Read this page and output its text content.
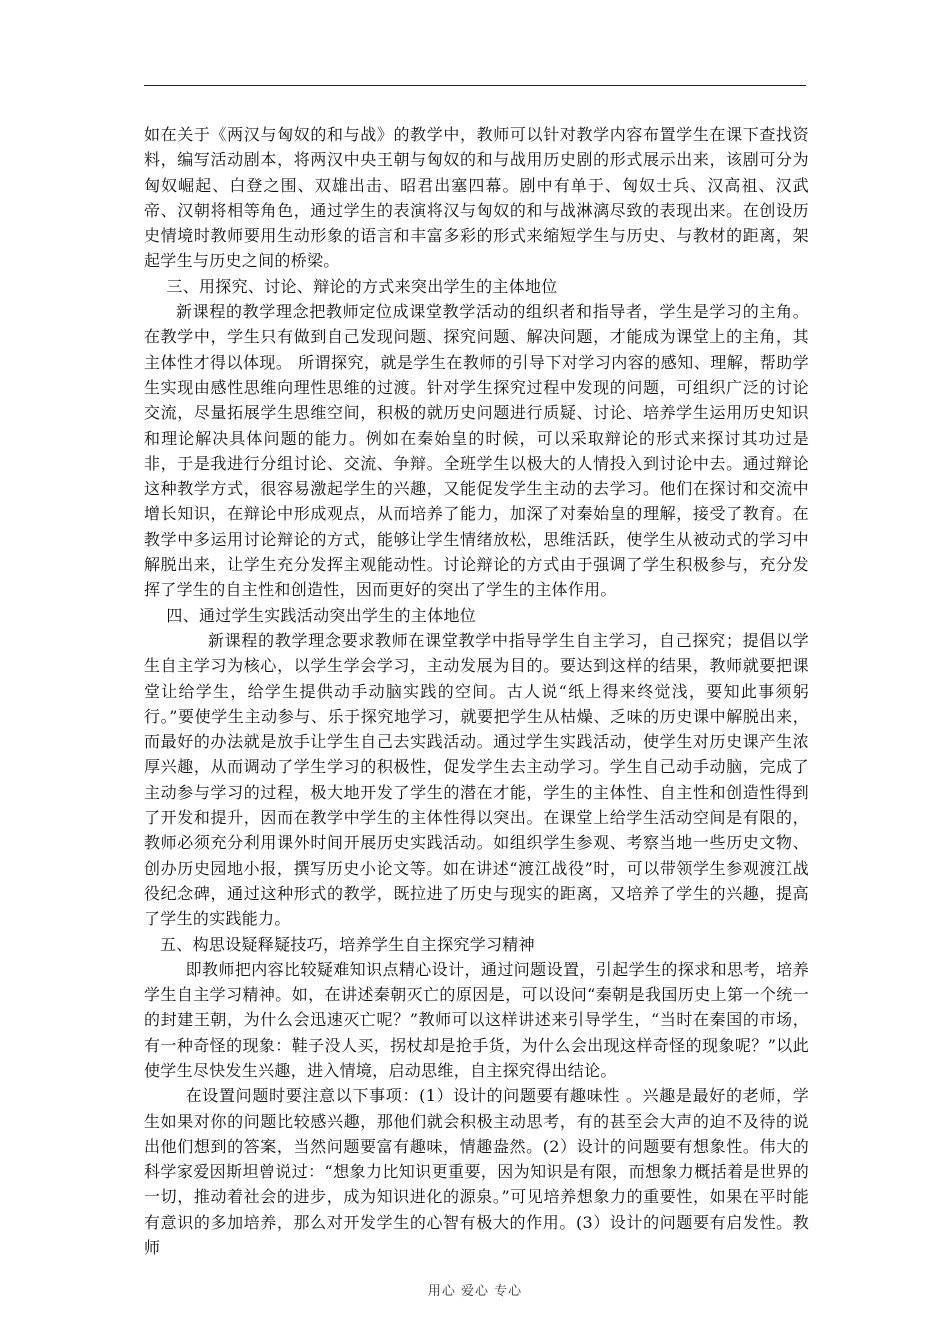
如在关于《两汉与匈奴的和与战》的教学中，教师可以针对教学内容布置学生在课下查找资料，编写活动剧本，将两汉中央王朝与匈奴的和与战用历史剧的形式展示出来，该剧可分为匈奴崛起、白登之围、双雄出击、昭君出塞四幕。剧中有单于、匈奴士兵、汉高祖、汉武帝、汉朝将相等角色，通过学生的表演将汉与匈奴的和与战淋漓尽致的表现出来。在创设历史情境时教师要用生动形象的语言和丰富多彩的形式来缩短学生与历史、与教材的距离，架起学生与历史之间的桥梁。

三、用探究、讨论、辩论的方式来突出学生的主体地位

新课程的教学理念把教师定位成课堂教学活动的组织者和指导者，学生是学习的主角。在教学中，学生只有做到自己发现问题、探究问题、解决问题，才能成为课堂上的主角，其主体性才得以体现。 所谓探究，就是学生在教师的引导下对学习内容的感知、理解，帮助学生实现由感性思维向理性思维的过渡。针对学生探究过程中发现的问题，可组织广泛的讨论交流，尽量拓展学生思维空间，积极的就历史问题进行质疑、讨论、培养学生运用历史知识和理论解决具体问题的能力。例如在秦始皇的时候，可以采取辩论的形式来探讨其功过是非，于是我进行分组讨论、交流、争辩。全班学生以极大的人情投入到讨论中去。通过辩论这种教学方式，很容易激起学生的兴趣，又能促发学生主动的去学习。他们在探讨和交流中增长知识，在辩论中形成观点，从而培养了能力，加深了对秦始皇的理解，接受了教育。在教学中多运用讨论辩论的方式，能够让学生情绪放松，思维活跃，使学生从被动式的学习中解脱出来，让学生充分发挥主观能动性。讨论辩论的方式由于强调了学生积极参与，充分发挥了学生的自主性和创造性，因而更好的突出了学生的主体作用。

四、通过学生实践活动突出学生的主体地位

新课程的教学理念要求教师在课堂教学中指导学生自主学习，自己探究；提倡以学生自主学习为核心，以学生学会学习，主动发展为目的。要达到这样的结果，教师就要把课堂让给学生，给学生提供动手动脑实践的空间。古人说“纸上得来终觉浅，要知此事须躬行。”要使学生主动参与、乐于探究地学习，就要把学生从枯燥、乏味的历史课中解脱出来，而最好的办法就是放手让学生自己去实践活动。通过学生实践活动，使学生对历史课产生浓厚兴趣，从而调动了学生学习的积极性，促发学生去主动学习。学生自己动手动脑，完成了主动参与学习的过程，极大地开发了学生的潜在才能，学生的主体性、自主性和创造性得到了开发和提升，因而在教学中学生的主体性得以突出。在课堂上给学生活动空间是有限的，教师必须充分利用课外时间开展历史实践活动。如组织学生参观、考察当地一些历史文物、创办历史园地小报，撰写历史小论文等。如在讲述“渡江战役”时，可以带领学生参观渡江战役纪念碑，通过这种形式的教学，既拉进了历史与现实的距离，又培养了学生的兴趣，提高了学生的实践能力。

五、构思设疑释疑技巧，培养学生自主探究学习精神

即教师把内容比较疑难知识点精心设计，通过问题设置，引起学生的探求和思考，培养学生自主学习精神。如，在讲述秦朝灭亡的原因是，可以设问“秦朝是我国历史上第一个统一的封建王朝，为什么会迅速灭亡呢？”教师可以这样讲述来引导学生，“当时在秦国的市场，有一种奇怪的现象：鞋子没人买，拐杖却是抢手货，为什么会出现这样奇怪的现象呢？”以此使学生尽快发生兴趣，进入情境，启动思维，自主探究得出结论。

在设置问题时要注意以下事项：(1）设计的问题要有趣味性 。兴趣是最好的老师，学生如果对你的问题比较感兴趣，那他们就会积极主动思考，有的甚至会大声的迫不及待的说出他们想到的答案，当然问题要富有趣味，情趣盎然。(2）设计的问题要有想象性。伟大的科学家爱因斯坦曾说过：“想象力比知识更重要，因为知识是有限，而想象力概括着是世界的一切，推动着社会的进步，成为知识进化的源泉。”可见培养想象力的重要性，如果在平时能有意识的多加培养，那么对开发学生的心智有极大的作用。(3）设计的问题要有启发性。教师

用心 爱心 专心
